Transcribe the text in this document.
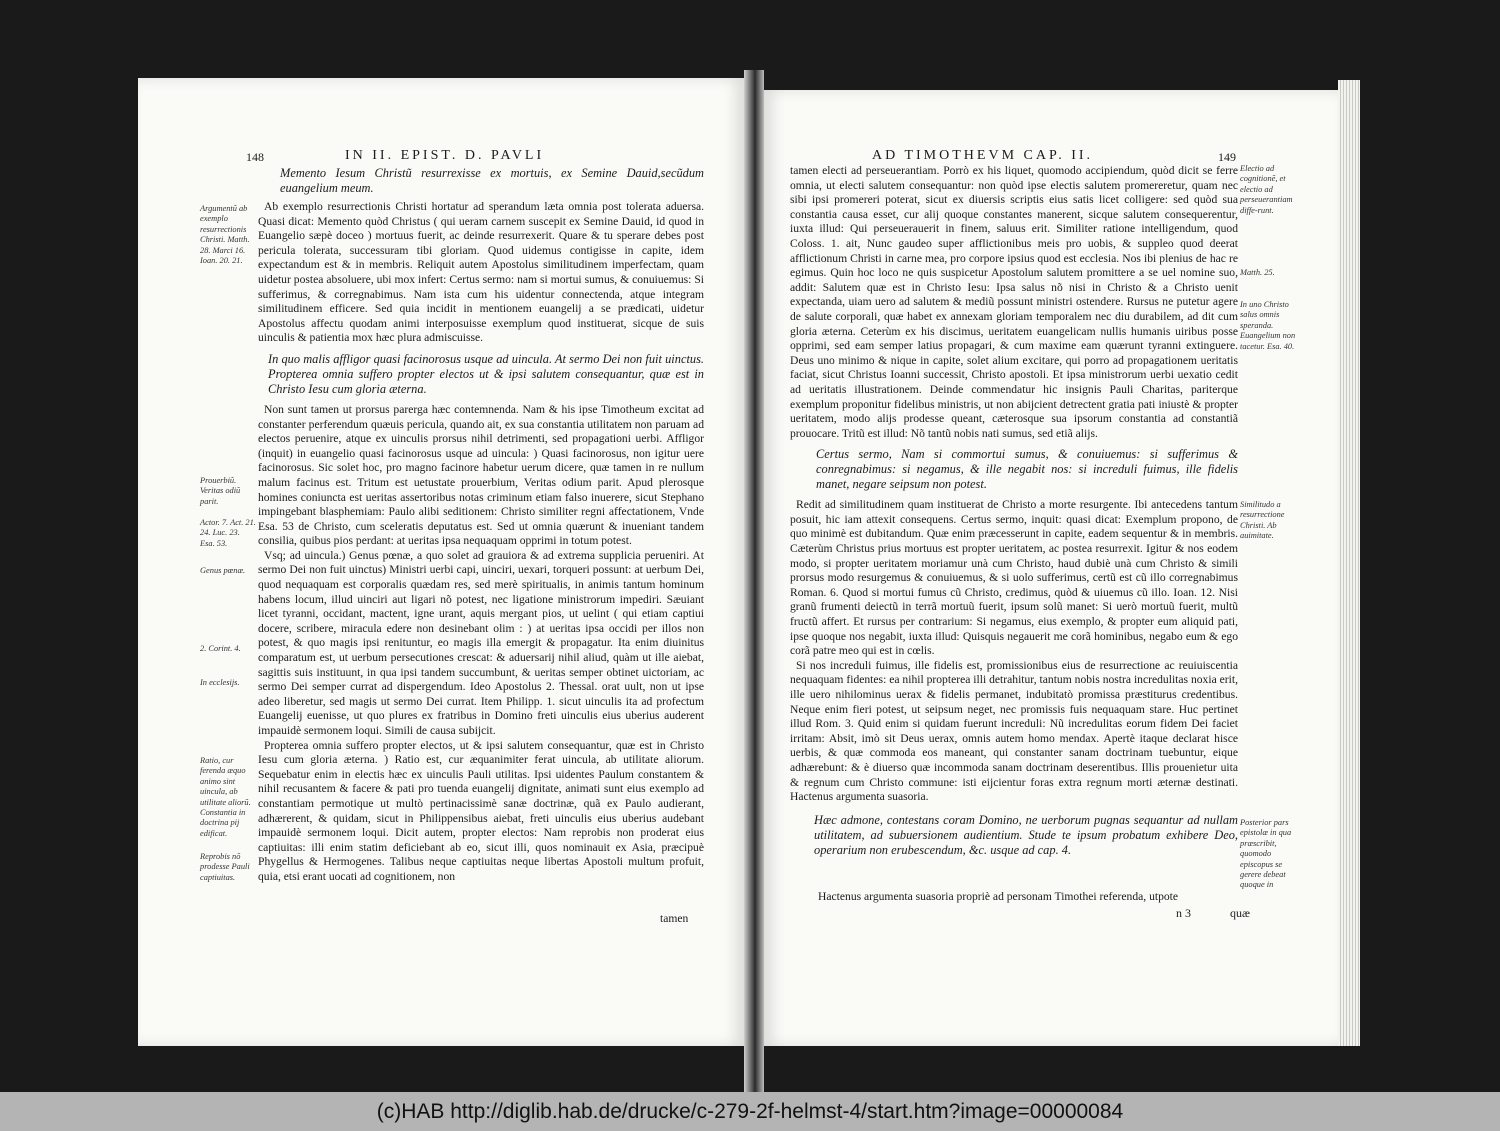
148	IN II. EPIST. D. PAVLI

Memento Iesum Christũ resurrexisse ex mortuis, ex Semine Dauid,secũdum euangelium meum.

Ab exemplo resurrectionis Christi hortatur ad sperandum læta omnia post tolerata aduersa. Quasi dicat: Memento quòd Christus ( qui ueram carnem suscepit ex Semine Dauid, id quod in Euangelio sæpè doceo ) mortuus fuerit, ac deinde resurrexerit. Quare & tu sperare debes post pericula tolerata, successuram tibi gloriam. Quod uidemus contigisse in capite, idem expectandum est & in membris. Reliquit autem Apostolus similitudinem imperfectam, quam uidetur postea absoluere, ubi mox infert: Certus sermo: nam si mortui sumus, & conuiuemus: Si sufferimus, & corregnabimus. Nam ista cum his uidentur connectenda, atque integram similitudinem efficere. Sed quia incidit in mentionem euangelij a se prædicati, uidetur Apostolus affectu quodam animi interposuisse exemplum quod instituerat, sicque de suis uinculis & patientia mox hæc plura admiscuisse.

In quo malis affligor quasi facinorosus usque ad uincula. At sermo Dei non fuit uinctus. Propterea omnia suffero propter electos ut & ipsi salutem consequantur, quæ est in Christo Iesu cum gloria æterna.

Non sunt tamen ut prorsus parerga hæc contemnenda. Nam & his ipse Timotheum excitat ad constanter perferendum quæuis pericula, quando ait, ex sua constantia utilitatem non paruam ad electos peruenire, atque ex uinculis prorsus nihil detrimenti, sed propagationi uerbi. Affligor (inquit) in euangelio quasi facinorosus usque ad uincula: ) Quasi facinorosus, non igitur uere facinorosus. Sic solet hoc, pro magno facinore habetur uerum dicere, quæ tamen in re nullum malum facinus est. Tritum est uetustate prouerbium, Veritas odium parit. Apud plerosque homines coniuncta est ueritas assertoribus notas criminum etiam falso inuerere, sicut Stephano impingebant blasphemiam: Paulo alibi seditionem: Christo similiter regni affectationem, Vnde Esa. 53 de Christo, cum sceleratis deputatus est. Sed ut omnia quærunt & inueniant tandem consilia, quibus pios perdant: at ueritas ipsa nequaquam opprimi in totum potest.

Vsq; ad uincula.) Genus pœnæ, a quo solet ad grauiora & ad extrema supplicia perueniri. At sermo Dei non fuit uinctus) Ministri uerbi capi, uinciri, uexari, torqueri possunt: at uerbum Dei, quod nequaquam est corporalis quædam res, sed merè spiritualis, in animis tantum hominum habens locum, illud uinciri aut ligari nõ potest, nec ligatione ministrorum impediri. Sæuiant licet tyranni, occidant, mactent, igne urant, aquis mergant pios, ut uelint ( qui etiam captiui docere, scribere, miracula edere non desinebant olim : ) at ueritas ipsa occidi per illos non potest, & quo magis ipsi renituntur, eo magis illa emergit & propagatur. Ita enim diuinitus comparatum est, ut uerbum persecutiones crescat: & aduersarij nihil aliud, quàm ut ille aiebat, sagittis suis instituunt, in qua ipsi tandem succumbunt, & ueritas semper obtinet uictoriam, ac sermo Dei semper currat ad dispergendum. Ideo Apostolus 2. Thessal. orat uult, non ut ipse adeo liberetur, sed magis ut sermo Dei currat. Item Philipp. 1. sicut uinculis ita ad profectum Euangelij euenisse, ut quo plures ex fratribus in Domino freti uinculis eius uberius auderent impauidè sermonem loqui. Simili de causa subijcit.

Propterea omnia suffero propter electos, ut & ipsi salutem consequantur, quæ est in Christo Iesu cum gloria æterna. ) Ratio est, cur æquanimiter ferat uincula, ab utilitate aliorum. Sequebatur enim in electis hæc ex uinculis Pauli utilitas. Ipsi uidentes Paulum constantem & nihil recusantem & facere & pati pro tuenda euangelij dignitate, animati sunt eius exemplo ad constantiam permotique ut multò pertinacissimè sanæ doctrinæ, quã ex Paulo audierant, adhærerent, & quidam, sicut in Philippensibus aiebat, freti uinculis eius uberius audebant impauidè sermonem loqui. Dicit autem, propter electos: Nam reprobis non proderat eius captiuitas: illi enim statim deficiebant ab eo, sicut illi, quos nominauit ex Asia, præcipuè Phygellus & Hermogenes. Talibus neque captiuitas neque libertas Apostoli multum profuit, quia, etsi erant uocati ad cognitionem, non

tamen
Argumentũ ab exemplo resurrectionis Christi. Matth. 28. Marci 16. Ioan. 20. 21.
Prouerbiũ. Veritas odiũ parit.
Actor. 7. Act. 21. 24. Luc. 23. Esa. 53.
Genus pœnæ.
2. Corint. 4.
In ecclesijs.
Ratio, cur ferenda æquo animo sint uincula, ab utilitate aliorũ.
Constantia in doctrina pij edificat.
Reprobis nõ prodesse Pauli captiuitas.
AD TIMOTHEVM CAP. II.	149

tamen electi ad perseuerantiam. Porrò ex his liquet, quomodo accipiendum, quòd dicit se ferre omnia, ut electi salutem consequantur: non quòd ipse electis salutem promereretur, quam nec sibi ipsi promereri poterat, sicut ex diuersis scriptis eius satis licet colligere: sed quòd sua constantia causa esset, cur alij quoque constantes manerent, sicque salutem consequerentur, iuxta illud: Qui perseuerauerit in finem, saluus erit. Similiter ratione intelligendum, quod Coloss. 1. ait, Nunc gaudeo super afflictionibus meis pro uobis, & suppleo quod deerat afflictionum Christi in carne mea, pro corpore ipsius quod est ecclesia. Nos ibi plenius de hac re egimus. Quin hoc loco ne quis suspicetur Apostolum salutem promittere a se uel nomine suo, addit: Salutem quæ est in Christo Iesu: Ipsa salus nõ nisi in Christo & a Christo uenit expectanda, uiam uero ad salutem & mediũ possunt ministri ostendere. Rursus ne putetur agere de salute corporali, quæ habet ex annexam gloriam temporalem nec diu durabilem, ad dit cum gloria æterna. Ceterùm ex his discimus, ueritatem euangelicam nullis humanis uiribus posse opprimi, sed eam semper latius propagari, & cum maxime eam quærunt tyranni extinguere. Deus uno minimo & nique in capite, solet alium excitare, qui porro ad propagationem ueritatis faciat, sicut Christus Ioanni successit, Christo apostoli. Et ipsa ministrorum uerbi uexatio cedit ad ueritatis illustrationem. Deinde commendatur hic insignis Pauli Charitas, pariterque exemplum proponitur fidelibus ministris, ut non abijcient detrectent gratia pati iniustè & propter ueritatem, modo alijs prodesse queant, cæterosque sua ipsorum constantia ad constantiã prouocare. Tritũ est illud: Nõ tantũ nobis nati sumus, sed etiã alijs.

Certus sermo, Nam si commortui sumus, & conuiuemus: si sufferimus & conregnabimus: si negamus, & ille negabit nos: si increduli fuimus, ille fidelis manet, negare seipsum non potest.

Redit ad similitudinem quam instituerat de Christo a morte resurgente. Ibi antecedens tantum posuit, hic iam attexit consequens. Certus sermo, inquit: quasi dicat: Exemplum propono, de quo minimè est dubitandum. Quæ enim præcesserunt in capite, eadem sequentur & in membris. Cæterùm Christus prius mortuus est propter ueritatem, ac postea resurrexit. Igitur & nos eodem modo, si propter ueritatem moriamur unà cum Christo, haud dubiè unà cum Christo & simili prorsus modo resurgemus & conuiuemus, & si uolo sufferimus, certũ est cũ illo corregnabimus Roman. 6. Quod si mortui fumus cũ Christo, credimus, quòd & uiuemus cũ illo. Ioan. 12. Nisi granũ frumenti deiectũ in terrã mortuũ fuerit, ipsum solũ manet: Si uerò mortuũ fuerit, multũ fructũ affert. Et rursus per contrarium: Si negamus, eius exemplo, & propter eum aliquid pati, ipse quoque nos negabit, iuxta illud: Quisquis negauerit me corã hominibus, negabo eum & ego corã patre meo qui est in cœlis.

Si nos increduli fuimus, ille fidelis est, promissionibus eius de resurrectione ac reuiuiscentia nequaquam fidentes: ea nihil propterea illi detrahitur, tantum nobis nostra incredulitas noxia erit, ille uero nihilominus uerax & fidelis permanet, indubitatò promissa præstiturus credentibus. Neque enim fieri potest, ut seipsum neget, nec promissis fuis nequaquam stare. Huc pertinet illud Rom. 3. Quid enim si quidam fuerunt increduli: Nũ incredulitas eorum fidem Dei faciet irritam: Absit, imò sit Deus uerax, omnis autem homo mendax. Apertè itaque declarat hisce uerbis, & quæ commoda eos maneant, qui constanter sanam doctrinam tuebuntur, eique adhærebunt: & è diuerso quæ incommoda sanam doctrinam deserentibus. Illis prouenietur uita & regnum cum Christo commune: isti eijcientur foras extra regnum morti æternæ destinati. Hactenus argumenta suasoria.

Hæc admone, contestans coram Domino, ne uerborum pugnas sequantur ad nullam utilitatem, ad subuersionem audientium. Stude te ipsum probatum exhibere Deo, operarium non erubescendum, &c. usque ad cap. 4.

Hactenus argumenta suasoria propriè ad personam Timothei referenda, utpote
n 3	quæ
Electio ad cognitionẽ, et electio ad perseuerantiam diffe-runt.
Matth. 25.
In uno Christo salus omnis speranda. Euangelium non tacetur. Esa. 40.
Similitudo a resurrectione Christi. Ab auimitate.
Posterior pars epistolæ in qua præscribit, quomodo episcopus se gerere debeat quoque in
(c)HAB http://diglib.hab.de/drucke/c-279-2f-helmst-4/start.htm?image=00000084
